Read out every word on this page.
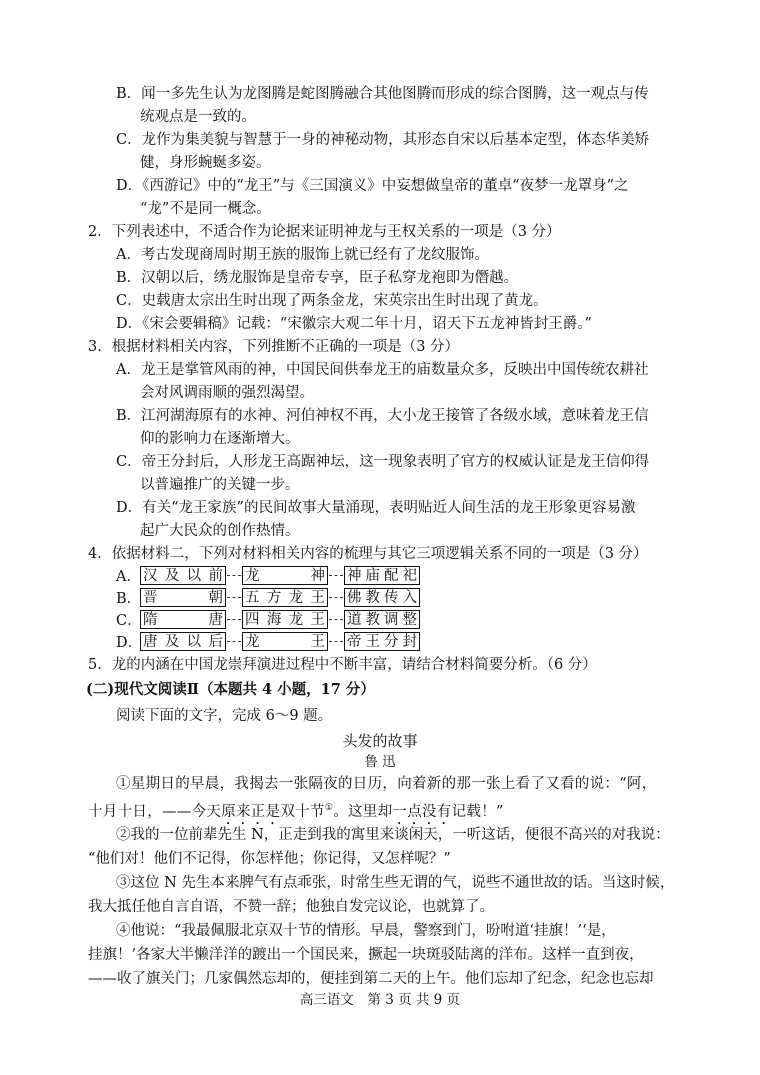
B．闻一多先生认为龙图腾是蛇图腾融合其他图腾而形成的综合图腾，这一观点与传
统观点是一致的。
C．龙作为集美貌与智慧于一身的神秘动物，其形态自宋以后基本定型，体态华美矫
健，身形蜿蜒多姿。
D．《西游记》中的“龙王”与《三国演义》中妄想做皇帝的董卓“夜梦一龙罩身”之
“龙”不是同一概念。
2．下列表述中，不适合作为论据来证明神龙与王权关系的一项是（3 分）
A．考古发现商周时期王族的服饰上就已经有了龙纹服饰。
B．汉朝以后，绣龙服饰是皇帝专享，臣子私穿龙袍即为僭越。
C．史载唐太宗出生时出现了两条金龙，宋英宗出生时出现了黄龙。
D．《宋会要辑稿》记载：“宋徽宗大观二年十月，诏天下五龙神皆封王爵。”
3．根据材料相关内容，下列推断不正确的一项是（3 分）
A．龙王是掌管风雨的神，中国民间供奉龙王的庙数量众多，反映出中国传统农耕社
会对风调雨顺的强烈渴望。
B．江河湖海原有的水神、河伯神权不再，大小龙王接管了各级水域，意味着龙王信
仰的影响力在逐渐增大。
C．帝王分封后，人形龙王高踞神坛，这一现象表明了官方的权威认证是龙王信仰得
以普遍推广的关键一步。
D．有关“龙王家族”的民间故事大量涌现，表明贴近人间生活的龙王形象更容易激
起广大民众的创作热情。
4．依据材料二，下列对材料相关内容的梳理与其它三项逻辑关系不同的一项是（3 分）
A． 汉及以前 龙　　神 神庙配祀
B． 晋　　朝 五方龙王 佛教传入
C． 隋　　唐 四海龙王 道教调整
D． 唐及以后 龙　　王 帝王分封
5．龙的内涵在中国龙崇拜演进过程中不断丰富，请结合材料简要分析。（6 分）
(二)现代文阅读Ⅱ（本题共 4 小题，17 分）
阅读下面的文字，完成 6～9 题。
头发的故事
鲁 迅
①星期日的早晨，我揭去一张隔夜的日历，向着新的那一张上看了又看的说：“阿，
十月十日，——今天原来正是双十节①。这里却一点没有记载！”
②我的一位前辈先生 N，正走到我的寓里来谈闲天，一听这话，便很不高兴的对我说：
“他们对！他们不记得，你怎样他；你记得，又怎样呢？”
③这位 N 先生本来脾气有点乖张，时常生些无谓的气，说些不通世故的话。当这时候，
我大抵任他自言自语，不赞一辞；他独自发完议论，也就算了。
④他说：“我最佩服北京双十节的情形。早晨，警察到门，吩咐道‘挂旗！’‘是，
挂旗！’各家大半懒洋洋的踱出一个国民来，撅起一块斑驳陆离的洋布。这样一直到夜，
——收了旗关门；几家偶然忘却的，便挂到第二天的上午。他们忘却了纪念，纪念也忘却
高三语文　第 3 页 共 9 页
